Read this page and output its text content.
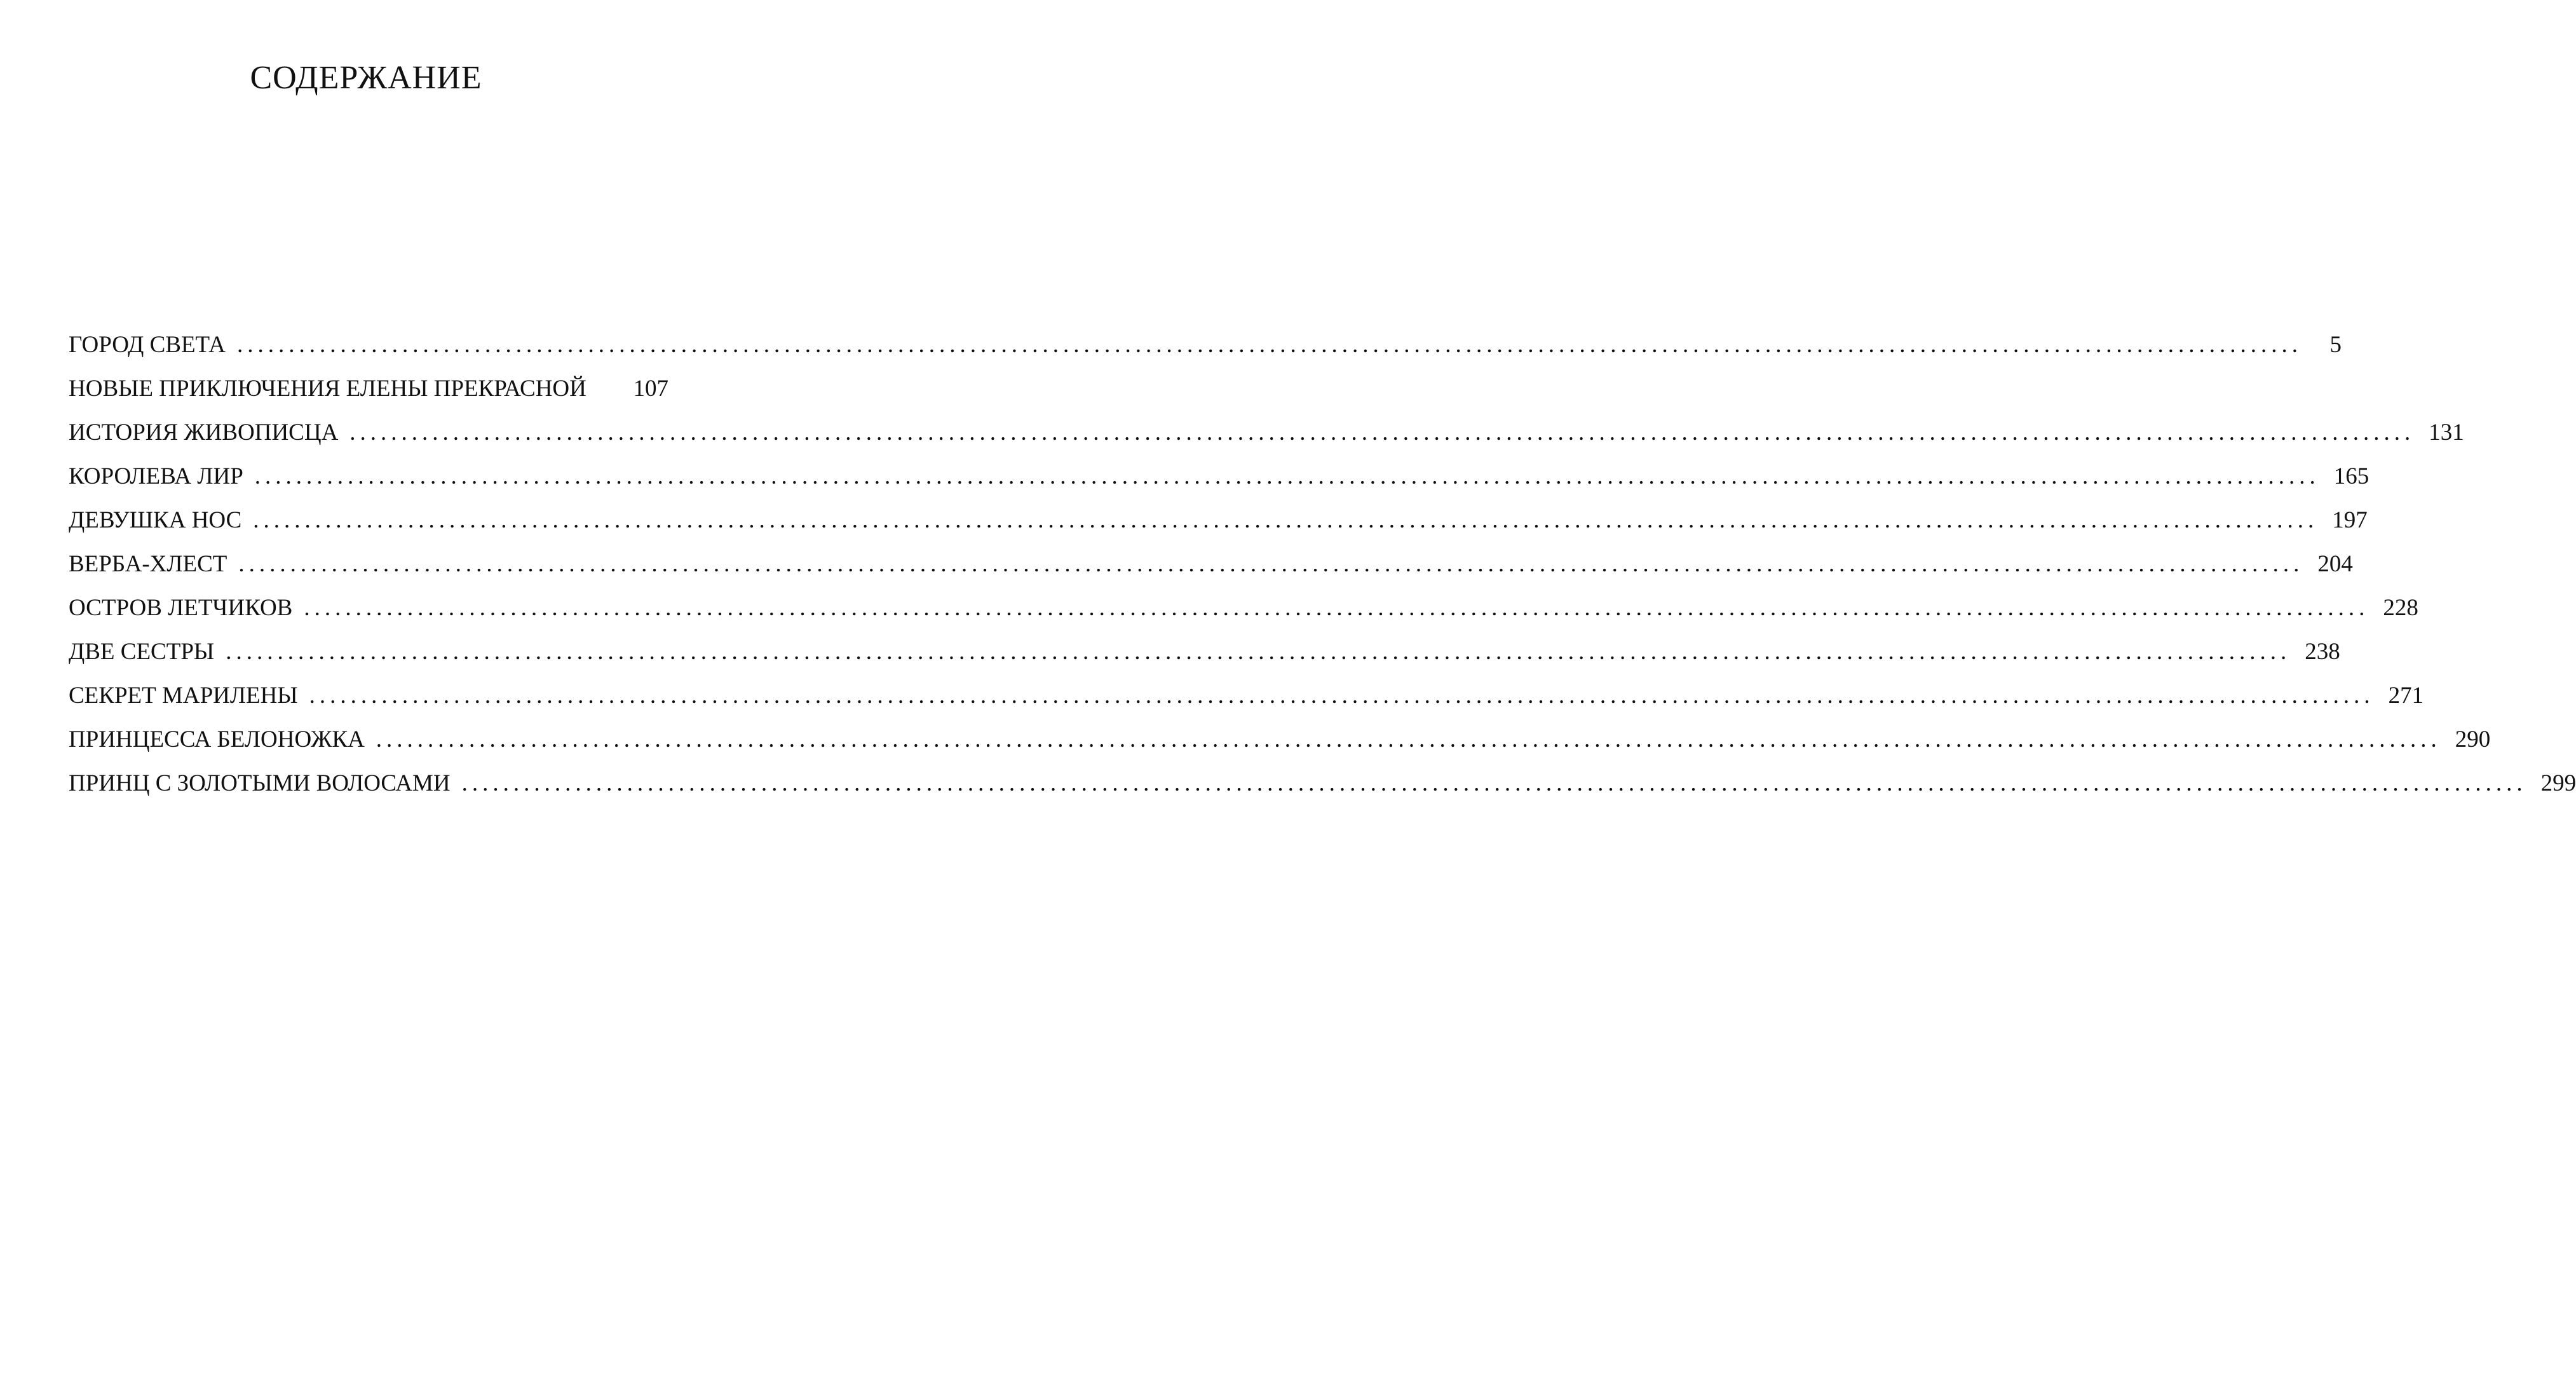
СОДЕРЖАНИЕ
ГОРОД СВЕТА ........................................................................................................................................................................................................	5
НОВЫЕ ПРИКЛЮЧЕНИЯ ЕЛЕНЫ ПРЕКРАСНОЙ 107
ИСТОРИЯ ЖИВОПИСЦА ........................................................................................................................................................................................................ 131
КОРОЛЕВА ЛИР ........................................................................................................................................................................................................ 165
ДЕВУШКА НОС ........................................................................................................................................................................................................ 197
ВЕРБА-ХЛЕСТ ........................................................................................................................................................................................................ 204
ОСТРОВ ЛЕТЧИКОВ ........................................................................................................................................................................................................ 228
ДВЕ СЕСТРЫ ........................................................................................................................................................................................................ 238
СЕКРЕТ МАРИЛЕНЫ ........................................................................................................................................................................................................ 271
ПРИНЦЕССА БЕЛОНОЖКА ........................................................................................................................................................................................................ 290
ПРИНЦ С ЗОЛОТЫМИ ВОЛОСАМИ ........................................................................................................................................................................................................ 299
